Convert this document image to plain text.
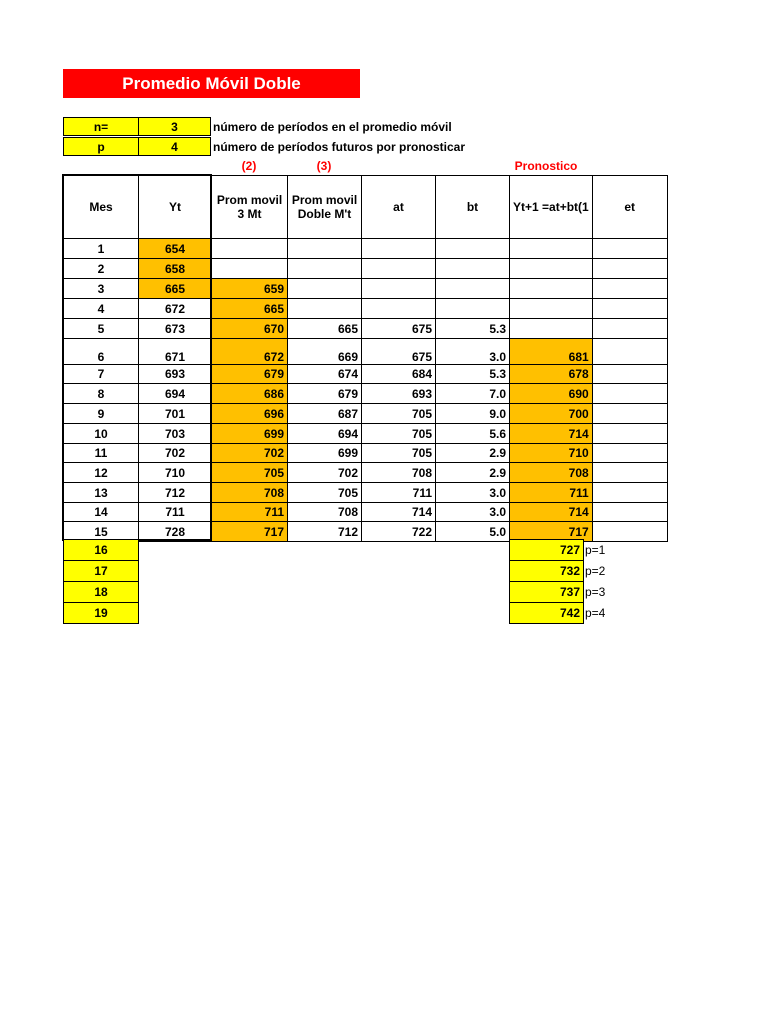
Promedio Móvil Doble
n=	3	número de períodos en el promedio móvil
p	4	número de períodos futuros por pronosticar
(2)	(3)	Pronostico
Mes	Yt	Prom movil 3 Mt	Prom movil Doble M't	at	bt	Yt+1 =at+bt(1	et
1	654						
2	658						
3	665	659					
4	672	665					
5	673	670	665	675	5.3		
6	671	672	669	675	3.0	681	
7	693	679	674	684	5.3	678	
8	694	686	679	693	7.0	690	
9	701	696	687	705	9.0	700	
10	703	699	694	705	5.6	714	
11	702	702	699	705	2.9	710	
12	710	705	702	708	2.9	708	
13	712	708	705	711	3.0	711	
14	711	711	708	714	3.0	714	
15	728	717	712	722	5.0	717	
16						727	p=1
17						732	p=2
18						737	p=3
19						742	p=4
